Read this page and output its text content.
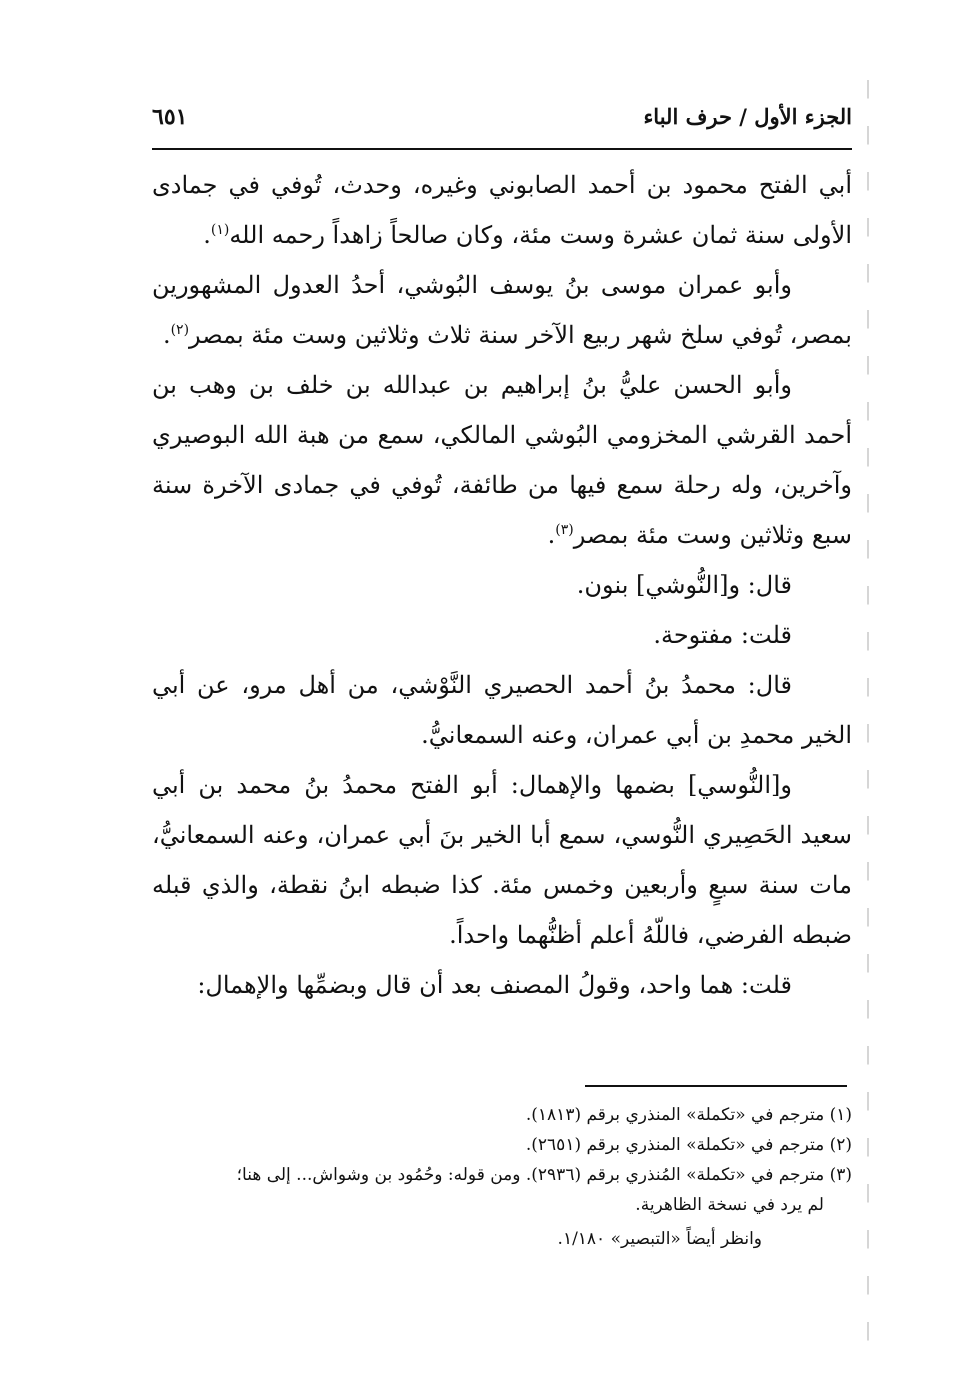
الجزء الأول / حرف الباء
٦٥١

أبي الفتح محمود بن أحمد الصابوني وغيره، وحدث، تُوفي في جمادى الأولى سنة ثمان عشرة وست مئة، وكان صالحاً زاهداً رحمه الله$^{(١)}$.

وأبو عمران موسى بنُ يوسف البُوشي، أحدُ العدول المشهورين بمصر، تُوفي سلخ شهر ربيع الآخر سنة ثلاث وثلاثين وست مئة بمصر$^{(٢)}$.

وأبو الحسن عليُّ بنُ إبراهيم بن عبدالله بن خلف بن وهب بن أحمد القرشي المخزومي البُوشي المالكي، سمع من هبة الله البوصيري وآخرين، وله رحلة سمع فيها من طائفة، تُوفي في جمادى الآخرة سنة سبع وثلاثين وست مئة بمصر$^{(٣)}$.

قال: و[النُّوشي] بنون.

قلت: مفتوحة.

قال: محمدُ بنُ أحمد الحصيري النَّوْشي، من أهل مرو، عن أبي الخير محمدِ بن أبي عمران، وعنه السمعانيُّ.

و[النُّوسي] بضمها والإهمال: أبو الفتح محمدُ بنُ محمد بن أبي سعيد الحَصِيري النُّوسي، سمع أبا الخير بنَ أبي عمران، وعنه السمعانيُّ، مات سنة سبعٍ وأربعين وخمس مئة. كذا ضبطه ابنُ نقطة، والذي قبله ضبطه الفرضي، فاللّهُ أعلم أظنُّهما واحداً.

قلت: هما واحد، وقولُ المصنف بعد أن قال وبضمِّها والإهمال:

(١) مترجم في «تكملة» المنذري برقم (١٨١٣).

(٢) مترجم في «تكملة» المنذري برقم (٢٦٥١).

(٣) مترجم في «تكملة» المُنذري برقم (٢٩٣٦). ومن قوله: وحُمُود بن وشواش... إلى هنا؛

لم يرد في نسخة الظاهرية.

وانظر أيضاً «التبصير» ١/١٨٠.
